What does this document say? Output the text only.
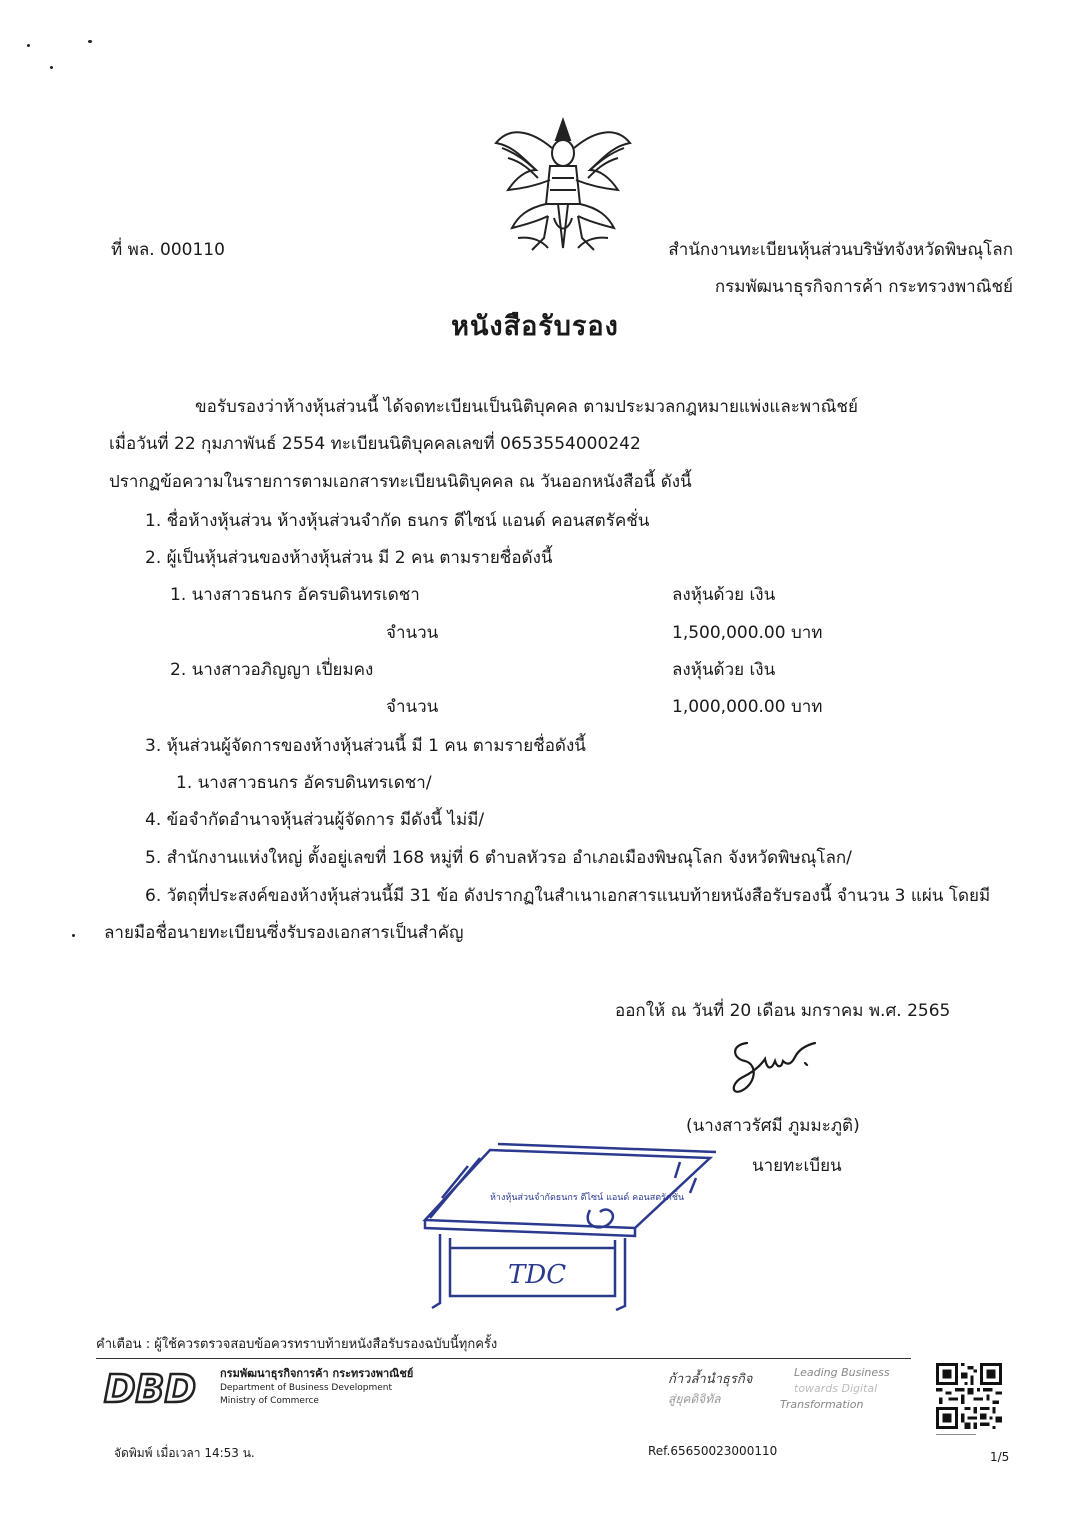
ที่ พล. 000110	สำนักงานทะเบียนหุ้นส่วนบริษัทจังหวัดพิษณุโลก
กรมพัฒนาธุรกิจการค้า กระทรวงพาณิชย์
หนังสือรับรอง
ขอรับรองว่าห้างหุ้นส่วนนี้ ได้จดทะเบียนเป็นนิติบุคคล ตามประมวลกฎหมายแพ่งและพาณิชย์
เมื่อวันที่ 22 กุมภาพันธ์ 2554 ทะเบียนนิติบุคคลเลขที่ 0653554000242
ปรากฏข้อความในรายการตามเอกสารทะเบียนนิติบุคคล ณ วันออกหนังสือนี้ ดังนี้
1. ชื่อห้างหุ้นส่วน ห้างหุ้นส่วนจำกัด ธนกร ดีไซน์ แอนด์ คอนสตรัคชั่น
2. ผู้เป็นหุ้นส่วนของห้างหุ้นส่วน มี 2 คน ตามรายชื่อดังนี้
1. นางสาวธนกร อัครบดินทรเดชา	ลงหุ้นด้วย เงิน
จำนวน	1,500,000.00 บาท
2. นางสาวอภิญญา เปี่ยมคง	ลงหุ้นด้วย เงิน
จำนวน	1,000,000.00 บาท
3. หุ้นส่วนผู้จัดการของห้างหุ้นส่วนนี้ มี 1 คน ตามรายชื่อดังนี้
1. นางสาวธนกร อัครบดินทรเดชา/
4. ข้อจำกัดอำนาจหุ้นส่วนผู้จัดการ มีดังนี้ ไม่มี/
5. สำนักงานแห่งใหญ่ ตั้งอยู่เลขที่ 168 หมู่ที่ 6 ตำบลหัวรอ อำเภอเมืองพิษณุโลก จังหวัดพิษณุโลก/
6. วัตถุที่ประสงค์ของห้างหุ้นส่วนนี้มี 31 ข้อ ดังปรากฏในสำเนาเอกสารแนบท้ายหนังสือรับรองนี้ จำนวน 3 แผ่น โดยมี
ลายมือชื่อนายทะเบียนซึ่งรับรองเอกสารเป็นสำคัญ
ออกให้ ณ วันที่ 20 เดือน มกราคม พ.ศ. 2565
(นางสาวรัศมี ภูมมะภูติ)
นายทะเบียน
ห้างหุ้นส่วนจำกัดธนกร ดีไซน์ แอนด์ คอนสตรัคชั่น
TDC
คำเตือน : ผู้ใช้ควรตรวจสอบข้อควรทราบท้ายหนังสือรับรองฉบับนี้ทุกครั้ง
DBD กรมพัฒนาธุรกิจการค้า กระทรวงพาณิชย์
Department of Business Development
Ministry of Commerce
ก้าวล้ำนำธุรกิจ
สู่ยุคดิจิทัล
Leading Business
towards Digital
Transformation
จัดพิมพ์ เมื่อเวลา 14:53 น.	Ref.65650023000110	1/5
